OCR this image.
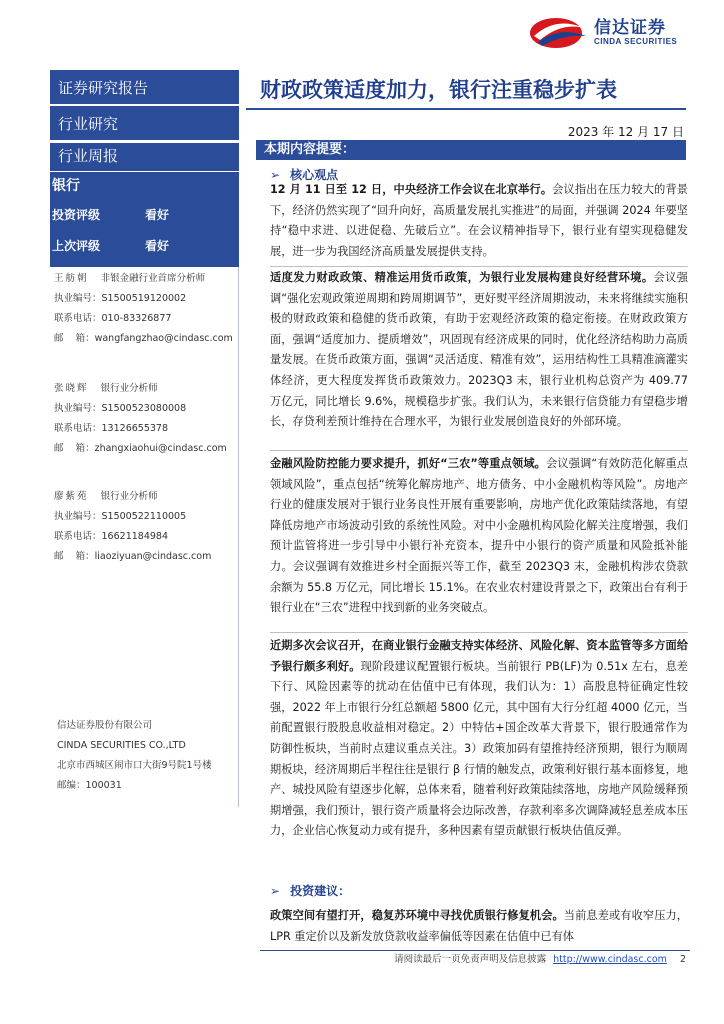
信达证券
CINDA SECURITIES
证券研究报告
行业研究
行业周报
银行
投资评级	看好
上次评级	看好
王舫朝 非银金融行业首席分析师
执业编号：S1500519120002
联系电话：010-83326877
邮    箱：wangfangzhao@cindasc.com
张晓辉 银行业分析师
执业编号：S1500523080008
联系电话：13126655378
邮    箱：zhangxiaohui@cindasc.com
廖紫苑 银行业分析师
执业编号：S1500522110005
联系电话：16621184984
邮    箱：liaoziyuan@cindasc.com
信达证券股份有限公司
CINDA SECURITIES CO.,LTD
北京市西城区闹市口大街9号院1号楼
邮编：100031
财政政策适度加力，银行注重稳步扩表
2023 年 12 月 17 日
本期内容提要：
➢ 核心观点
12 月 11 日至 12 日，中央经济工作会议在北京举行。会议指出在压力较大的背景下，经济仍然实现了“回升向好，高质量发展扎实推进”的局面，并强调 2024 年要坚持“稳中求进、以进促稳、先破后立”。在会议精神指导下，银行业有望实现稳健发展，进一步为我国经济高质量发展提供支持。
适度发力财政政策、精准运用货币政策，为银行业发展构建良好经营环境。会议强调“强化宏观政策逆周期和跨周期调节”，更好熨平经济周期波动，未来将继续实施积极的财政政策和稳健的货币政策，有助于宏观经济政策的稳定衔接。在财政政策方面，强调“适度加力、提质增效”，巩固现有经济成果的同时，优化经济结构助力高质量发展。在货币政策方面，强调“灵活适度、精准有效”，运用结构性工具精准滴灌实体经济，更大程度发挥货币政策效力。2023Q3 末，银行业机构总资产为 409.77 万亿元，同比增长 9.6%，规模稳步扩张。我们认为，未来银行信贷能力有望稳步增长，存贷利差预计维持在合理水平，为银行业发展创造良好的外部环境。
金融风险防控能力要求提升，抓好“三农”等重点领域。会议强调“有效防范化解重点领域风险”，重点包括“统筹化解房地产、地方债务、中小金融机构等风险”。房地产行业的健康发展对于银行业务良性开展有重要影响，房地产优化政策陆续落地，有望降低房地产市场波动引致的系统性风险。对中小金融机构风险化解关注度增强，我们预计监管将进一步引导中小银行补充资本，提升中小银行的资产质量和风险抵补能力。会议强调有效推进乡村全面振兴等工作，截至 2023Q3 末，金融机构涉农贷款余额为 55.8 万亿元，同比增长 15.1%。在农业农村建设背景之下，政策出台有利于银行业在“三农”进程中找到新的业务突破点。
近期多次会议召开，在商业银行金融支持实体经济、风险化解、资本监管等多方面给予银行颇多利好。现阶段建议配置银行板块。当前银行 PB(LF)为 0.51x 左右，息差下行、风险因素等的扰动在估值中已有体现，我们认为：1）高股息特征确定性较强，2022 年上市银行分红总额超 5800 亿元，其中国有大行分红超 4000 亿元，当前配置银行股股息收益相对稳定。2）中特估+国企改革大背景下，银行股通常作为防御性板块，当前时点建议重点关注。3）政策加码有望推持经济预期，银行为顺周期板块，经济周期后半程往往是银行 β 行情的触发点，政策利好银行基本面修复，地产、城投风险有望逐步化解，总体来看，随着利好政策陆续落地，房地产风险缓释预期增强，我们预计，银行资产质量将会边际改善，存款利率多次调降减轻息差成本压力，企业信心恢复动力或有提升，多种因素有望贡献银行板块估值反弹。
➢ 投资建议：
政策空间有望打开，稳复苏环境中寻找优质银行修复机会。当前息差或有收窄压力，LPR 重定价以及新发放贷款收益率偏低等因素在估值中已有体
请阅读最后一页免责声明及信息披露 http://www.cindasc.com 2
